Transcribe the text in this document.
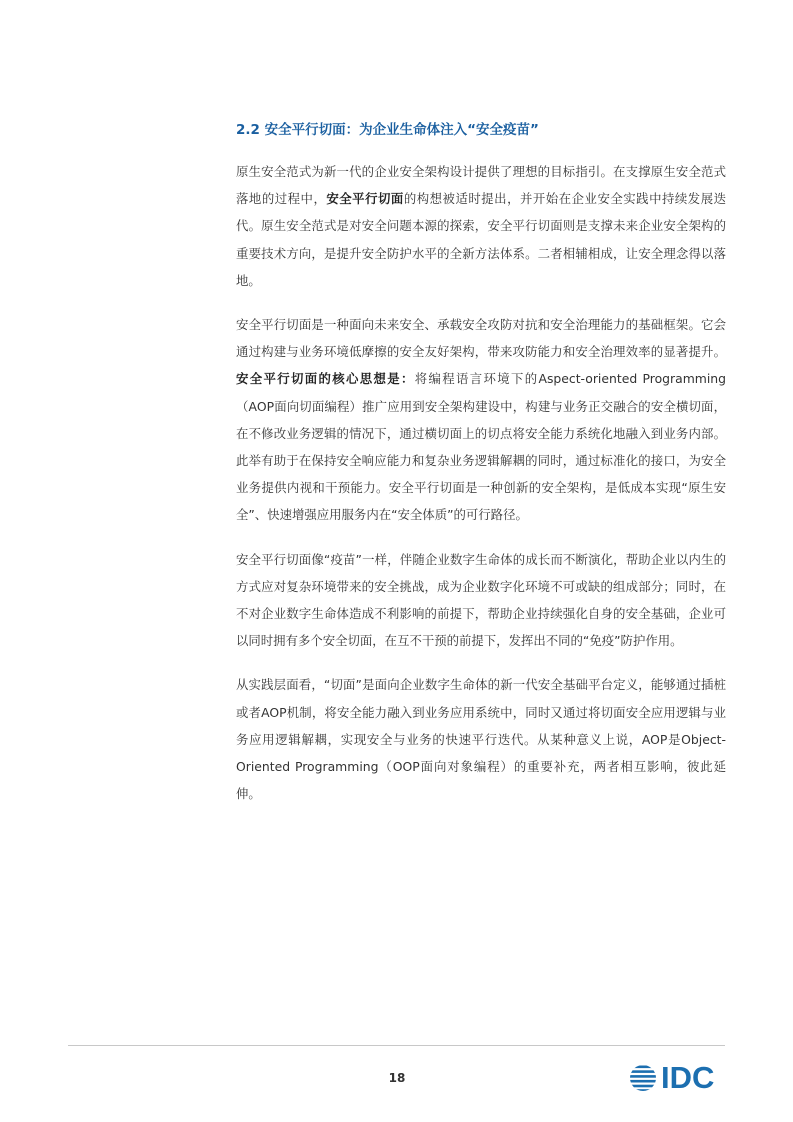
2.2 安全平行切面：为企业生命体注入“安全疫苗”

原生安全范式为新一代的企业安全架构设计提供了理想的目标指引。在支撑原生安全范式落地的过程中，安全平行切面的构想被适时提出，并开始在企业安全实践中持续发展迭代。原生安全范式是对安全问题本源的探索，安全平行切面则是支撑未来企业安全架构的重要技术方向，是提升安全防护水平的全新方法体系。二者相辅相成，让安全理念得以落地。

安全平行切面是一种面向未来安全、承载安全攻防对抗和安全治理能力的基础框架。它会通过构建与业务环境低摩擦的安全友好架构，带来攻防能力和安全治理效率的显著提升。安全平行切面的核心思想是：将编程语言环境下的Aspect-oriented Programming（AOP面向切面编程）推广应用到安全架构建设中，构建与业务正交融合的安全横切面，在不修改业务逻辑的情况下，通过横切面上的切点将安全能力系统化地融入到业务内部。此举有助于在保持安全响应能力和复杂业务逻辑解耦的同时，通过标准化的接口，为安全业务提供内视和干预能力。安全平行切面是一种创新的安全架构，是低成本实现“原生安全”、快速增强应用服务内在“安全体质”的可行路径。

安全平行切面像“疫苗”一样，伴随企业数字生命体的成长而不断演化，帮助企业以内生的方式应对复杂环境带来的安全挑战，成为企业数字化环境不可或缺的组成部分；同时，在不对企业数字生命体造成不利影响的前提下，帮助企业持续强化自身的安全基础，企业可以同时拥有多个安全切面，在互不干预的前提下，发挥出不同的“免疫”防护作用。

从实践层面看，“切面”是面向企业数字生命体的新一代安全基础平台定义，能够通过插桩或者AOP机制，将安全能力融入到业务应用系统中，同时又通过将切面安全应用逻辑与业务应用逻辑解耦，实现安全与业务的快速平行迭代。从某种意义上说，AOP是Object-Oriented Programming（OOP面向对象编程）的重要补充，两者相互影响，彼此延伸。

18	IDC
